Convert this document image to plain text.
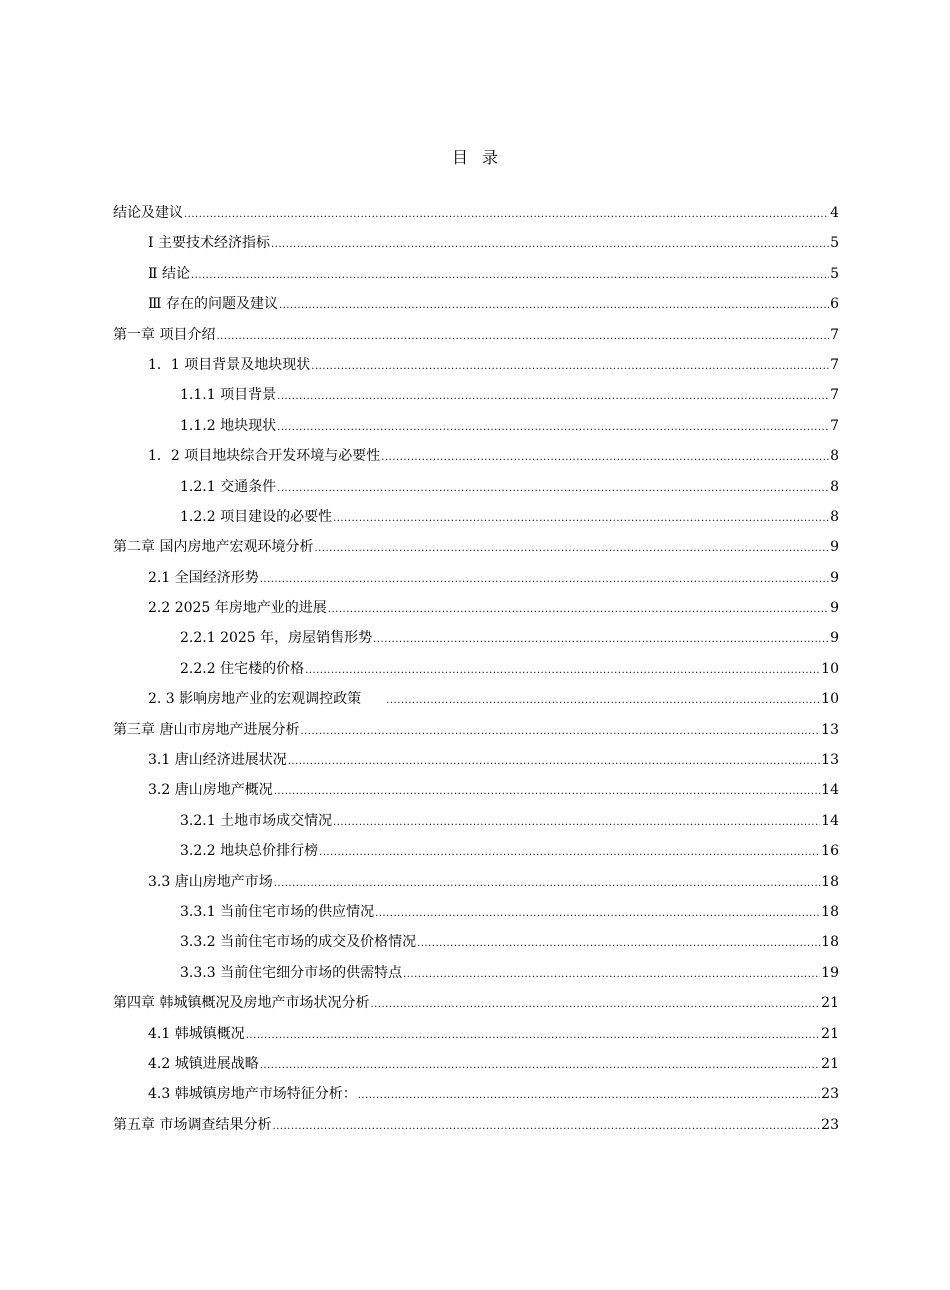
目录
结论及建议 .....	4
Ⅰ 主要技术经济指标 .....	5
Ⅱ 结论 .....	5
Ⅲ 存在的问题及建议 .....	6
第一章 项目介绍 .....	7
1．1 项目背景及地块现状 .....	7
1.1.1 项目背景 .....	7
1.1.2 地块现状 .....	7
1．2 项目地块综合开发环境与必要性 .....	8
1.2.1 交通条件 .....	8
1.2.2 项目建设的必要性 .....	8
第二章 国内房地产宏观环境分析 .....	9
2.1 全国经济形势 .....	9
2.2 2025 年房地产业的进展 .....	9
2.2.1 2025 年，房屋销售形势 .....	9
2.2.2 住宅楼的价格 .....	10
2. 3 影响房地产业的宏观调控政策 .....	10
第三章 唐山市房地产进展分析 .....	13
3.1 唐山经济进展状况 .....	13
3.2 唐山房地产概况 .....	14
3.2.1 土地市场成交情况 .....	14
3.2.2 地块总价排行榜 .....	16
3.3 唐山房地产市场 .....	18
3.3.1 当前住宅市场的供应情况 .....	18
3.3.2 当前住宅市场的成交及价格情况 .....	18
3.3.3 当前住宅细分市场的供需特点 .....	19
第四章 韩城镇概况及房地产市场状况分析 .....	21
4.1 韩城镇概况 .....	21
4.2 城镇进展战略 .....	21
4.3 韩城镇房地产市场特征分析： .....	23
第五章 市场调查结果分析 .....	23
